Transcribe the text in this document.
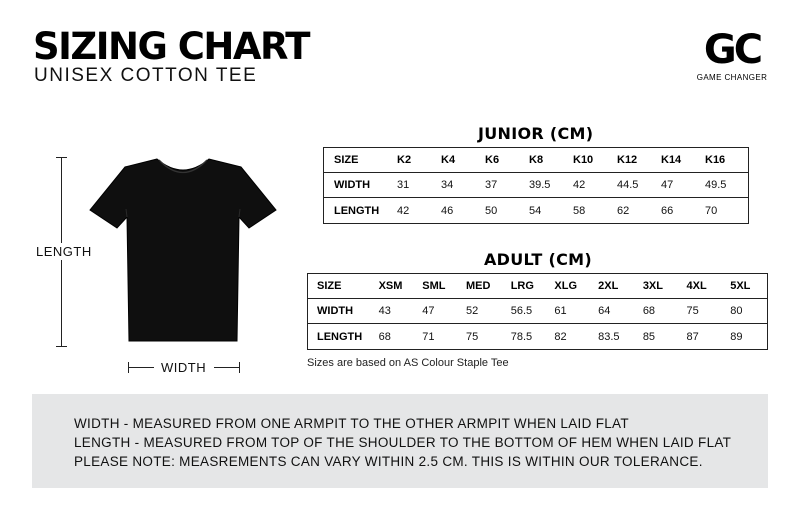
SIZING CHART
UNISEX COTTON TEE
GC
GAME CHANGER
LENGTH
WIDTH
JUNIOR (CM)
SIZE	K2	K4	K6	K8	K10	K12	K14	K16
WIDTH	31	34	37	39.5	42	44.5	47	49.5
LENGTH	42	46	50	54	58	62	66	70
ADULT (CM)
SIZE	XSM	SML	MED	LRG	XLG	2XL	3XL	4XL	5XL
WIDTH	43	47	52	56.5	61	64	68	75	80
LENGTH	68	71	75	78.5	82	83.5	85	87	89
Sizes are based on AS Colour Staple Tee
WIDTH - MEASURED FROM ONE ARMPIT TO THE OTHER ARMPIT WHEN LAID FLAT
LENGTH - MEASURED FROM TOP OF THE SHOULDER TO THE BOTTOM OF HEM WHEN LAID FLAT
PLEASE NOTE: MEASREMENTS CAN VARY WITHIN 2.5 CM. THIS IS WITHIN OUR TOLERANCE.
